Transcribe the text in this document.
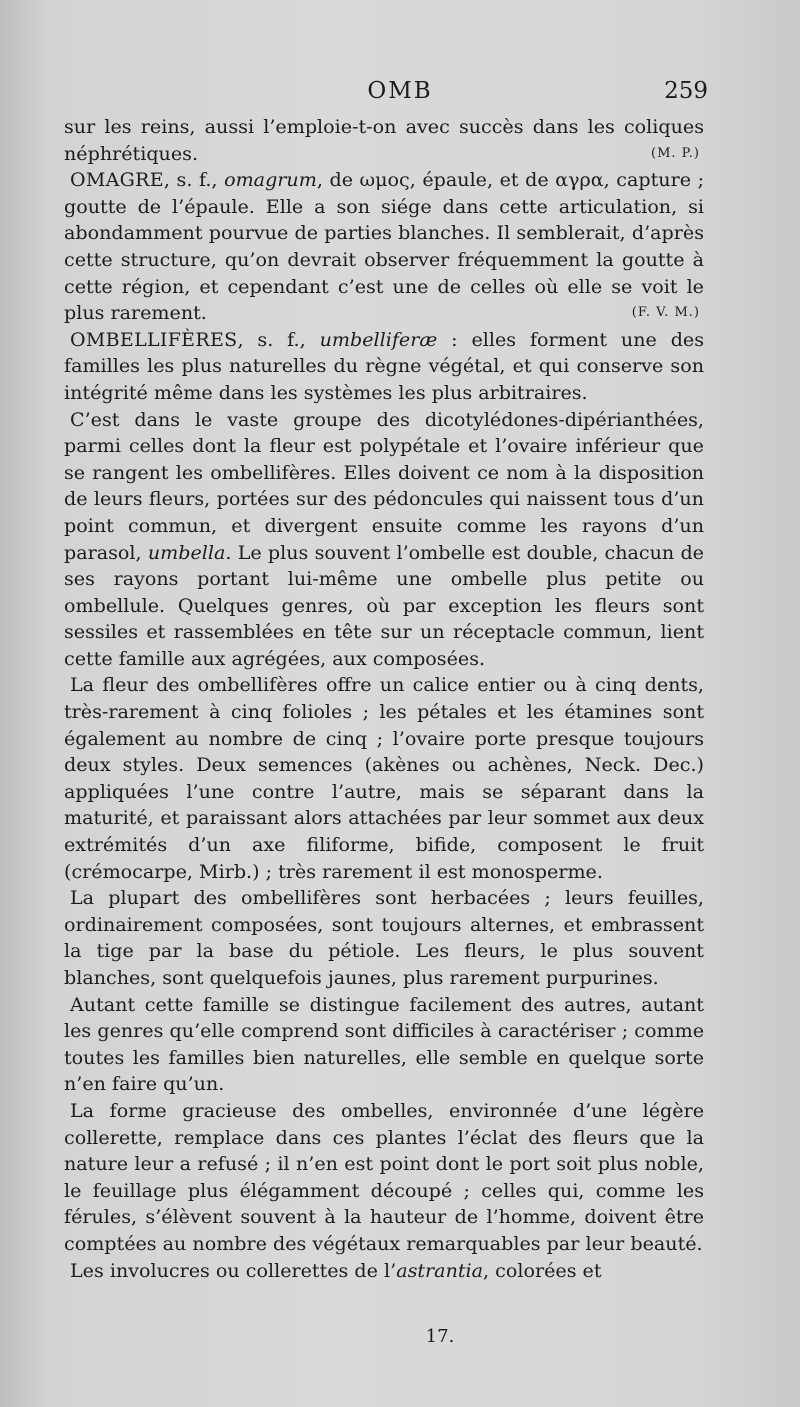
OMB	259

sur les reins, aussi l’emploie-t-on avec succès dans les coliques néphrétiques.	(M. P.)

OMAGRE, s. f., omagrum, de ωμος, épaule, et de αγρα, capture ; goutte de l’épaule. Elle a son siége dans cette articulation, si abondamment pourvue de parties blanches. Il semblerait, d’après cette structure, qu’on devrait observer fréquemment la goutte à cette région, et cependant c’est une de celles où elle se voit le plus rarement.	(F. V. M.)

OMBELLIFÈRES, s. f., umbelliferæ : elles forment une des familles les plus naturelles du règne végétal, et qui conserve son intégrité même dans les systèmes les plus arbitraires.

C’est dans le vaste groupe des dicotylédones-dipérianthées, parmi celles dont la fleur est polypétale et l’ovaire inférieur que se rangent les ombellifères. Elles doivent ce nom à la disposition de leurs fleurs, portées sur des pédoncules qui naissent tous d’un point commun, et divergent ensuite comme les rayons d’un parasol, umbella. Le plus souvent l’ombelle est double, chacun de ses rayons portant lui-même une ombelle plus petite ou ombellule. Quelques genres, où par exception les fleurs sont sessiles et rassemblées en tête sur un réceptacle commun, lient cette famille aux agrégées, aux composées.

La fleur des ombellifères offre un calice entier ou à cinq dents, très-rarement à cinq folioles ; les pétales et les étamines sont également au nombre de cinq ; l’ovaire porte presque toujours deux styles. Deux semences (akènes ou achènes, Neck. Dec.) appliquées l’une contre l’autre, mais se séparant dans la maturité, et paraissant alors attachées par leur sommet aux deux extrémités d’un axe filiforme, bifide, composent le fruit (crémocarpe, Mirb.) ; très rarement il est monosperme.

La plupart des ombellifères sont herbacées ; leurs feuilles, ordinairement composées, sont toujours alternes, et embrassent la tige par la base du pétiole. Les fleurs, le plus souvent blanches, sont quelquefois jaunes, plus rarement purpurines.

Autant cette famille se distingue facilement des autres, autant les genres qu’elle comprend sont difficiles à caractériser ; comme toutes les familles bien naturelles, elle semble en quelque sorte n’en faire qu’un.

La forme gracieuse des ombelles, environnée d’une légère collerette, remplace dans ces plantes l’éclat des fleurs que la nature leur a refusé ; il n’en est point dont le port soit plus noble, le feuillage plus élégamment découpé ; celles qui, comme les férules, s’élèvent souvent à la hauteur de l’homme, doivent être comptées au nombre des végétaux remarquables par leur beauté.

Les involucres ou collerettes de l’astrantia, colorées et

17.
